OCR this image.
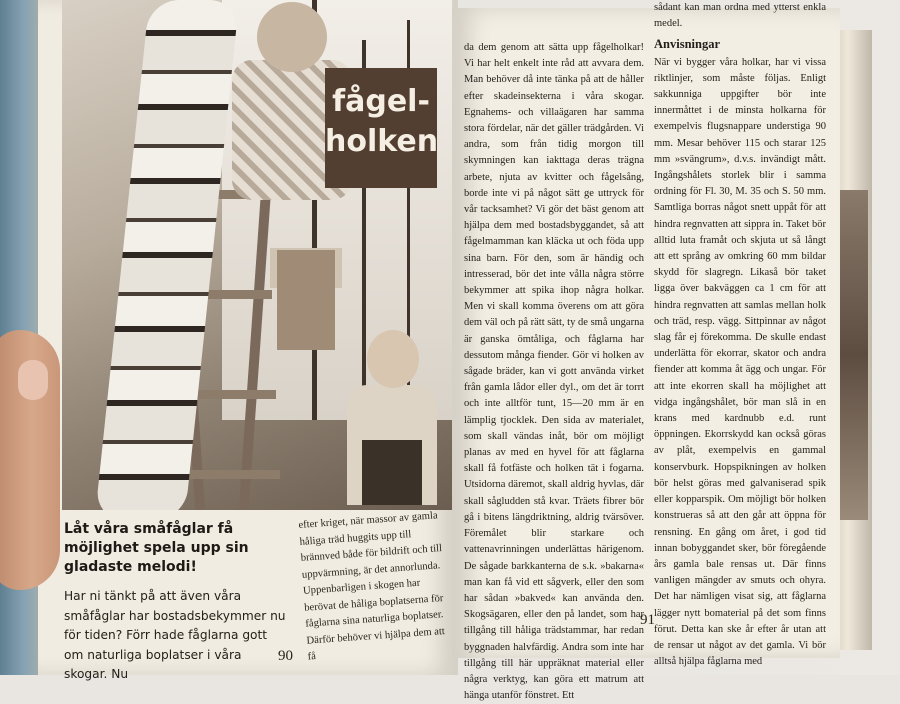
fågel-
holken
Låt våra småfåglar få möjlighet spela upp sin gladaste melodi!

Har ni tänkt på att även våra småfåglar har bostadsbekymmer nu för tiden? Förr hade fåglarna gott om naturliga boplatser i våra skogar. Nu

efter kriget, när massor av gamla håliga träd huggits upp till brännved både för bildrift och till uppvärmning, är det annorlunda. Uppenbarligen i skogen har berövat de håliga boplatserna för fåglarna sina naturliga boplatser. Därför behöver vi hjälpa dem att få
90

da dem genom att sätta upp fågelholkar! Vi har helt enkelt inte råd att avvara dem. Man behöver då inte tänka på att de håller efter skadeinsekterna i våra skogar. Egnahems- och villaägaren har samma stora fördelar, när det gäller trädgården. Vi andra, som från tidig morgon till skymningen kan iakttaga deras trägna arbete, njuta av kvitter och fågelsång, borde inte vi på något sätt ge uttryck för vår tacksamhet? Vi gör det bäst genom att hjälpa dem med bostadsbyggandet, så att fågelmamman kan kläcka ut och föda upp sina barn. För den, som är händig och intresserad, bör det inte vålla några större bekymmer att spika ihop några holkar. Men vi skall komma överens om att göra dem väl och på rätt sätt, ty de små ungarna är ganska ömtåliga, och fåglarna har dessutom många fiender. Gör vi holken av sågade bräder, kan vi gott använda virket från gamla lådor eller dyl., om det är torrt och inte alltför tunt, 15—20 mm är en lämplig tjocklek. Den sida av materialet, som skall vändas inåt, bör om möjligt planas av med en hyvel för att fåglarna skall få fotfäste och holken tät i fogarna. Utsidorna däremot, skall aldrig hyvlas, där skall sågludden stå kvar. Träets fibrer bör gå i bitens längdriktning, aldrig tvärsöver. Föremålet blir starkare och vattenavrinningen underlättas härigenom. De sågade barkkanterna de s.k. »bakarna« man kan få vid ett sågverk, eller den som har sådan »bakved« kan använda den. Skogsägaren, eller den på landet, som har tillgång till håliga trädstammar, har redan byggnaden halvfärdig. Andra som inte har tillgång till här uppräknat material eller några verktyg, kan göra ett matrum att hänga utanför fönstret. Ett

sådant kan man ordna med ytterst enkla medel.

Anvisningar

När vi bygger våra holkar, har vi vissa riktlinjer, som måste följas. Enligt sakkunniga uppgifter bör inte innermåttet i de minsta holkarna för exempelvis flugsnappare understiga 90 mm. Mesar behöver 115 och starar 125 mm »svängrum», d.v.s. invändigt mått. Ingångshålets storlek blir i samma ordning för Fl. 30, M. 35 och S. 50 mm. Samtliga borras något snett uppåt för att hindra regnvatten att sippra in. Taket bör alltid luta framåt och skjuta ut så långt att ett språng av omkring 60 mm bildar skydd för slagregn. Likaså bör taket ligga över bakväggen ca 1 cm för att hindra regnvatten att samlas mellan holk och träd, resp. vägg. Sittpinnar av något slag får ej förekomma. De skulle endast underlätta för ekorrar, skator och andra fiender att komma åt ägg och ungar. För att inte ekorren skall ha möjlighet att vidga ingångshålet, bör man slå in en krans med kardnubb e.d. runt öppningen. Ekorrskydd kan också göras av plåt, exempelvis en gammal konservburk. Hopspikningen av holken bör helst göras med galvaniserad spik eller kopparspik. Om möjligt bör holken konstrueras så att den går att öppna för rensning. En gång om året, i god tid innan bobyggandet sker, bör föregående års gamla bale rensas ut. Där finns vanligen mängder av smuts och ohyra. Det har nämligen visat sig, att fåglarna lägger nytt bomaterial på det som finns förut. Detta kan ske år efter år utan att de rensar ut något av det gamla. Vi bör alltså hjälpa fåglarna med

91
